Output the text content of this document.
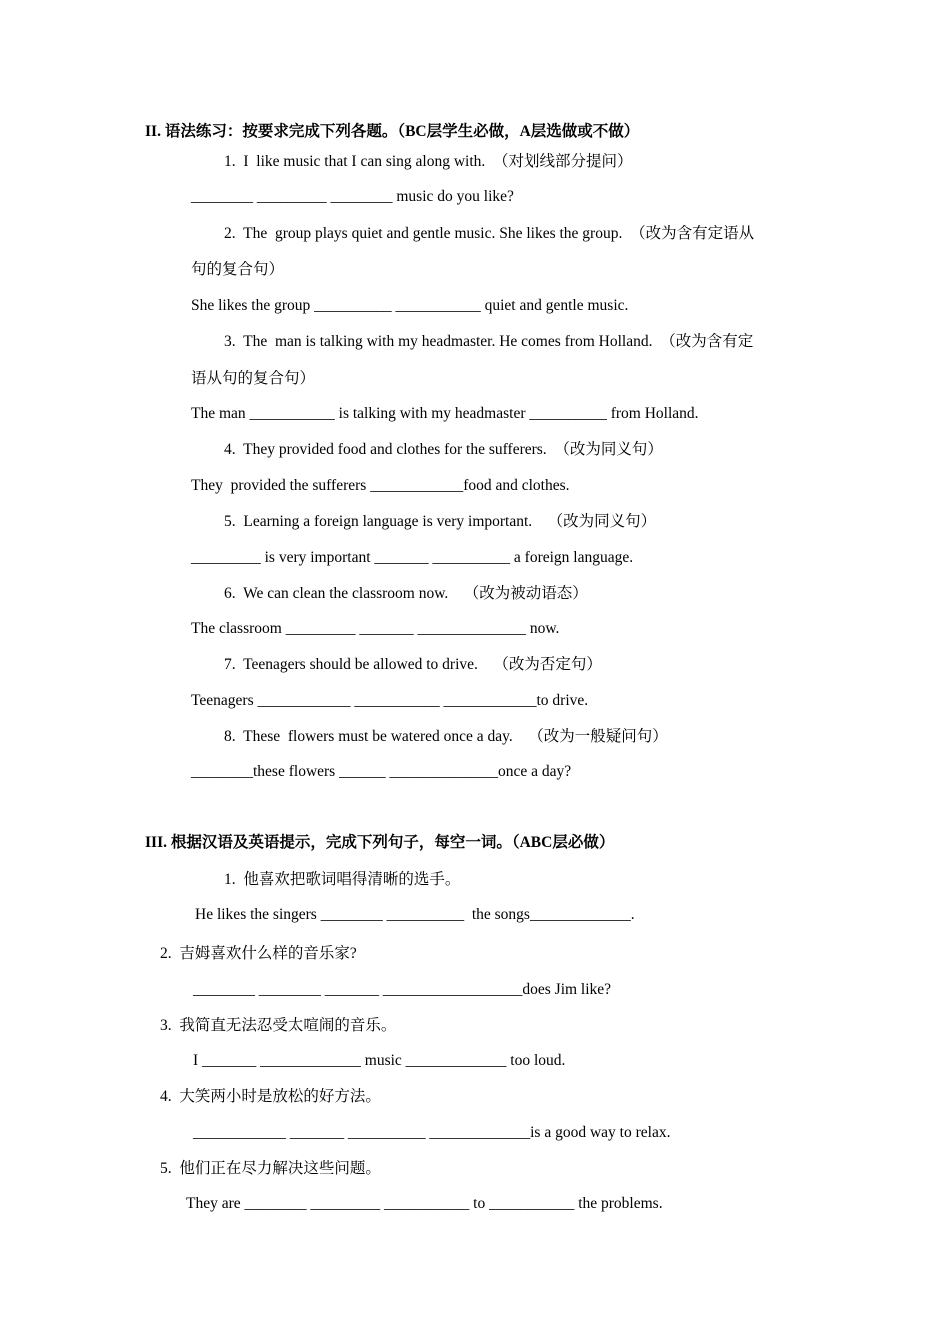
II. 语法练习：按要求完成下列各题。（BC层学生必做，A层选做或不做）
1.  I  like music that I can sing along with.  （对划线部分提问）
________ _________ ________ music do you like?
2.  The  group plays quiet and gentle music. She likes the group.  （改为含有定语从
句的复合句）
She likes the group __________ ___________ quiet and gentle music.
3.  The  man is talking with my headmaster. He comes from Holland.  （改为含有定
语从句的复合句）
The man ___________ is talking with my headmaster __________ from Holland.
4.  They provided food and clothes for the sufferers.  （改为同义句）
They  provided the sufferers ____________food and clothes.
5.  Learning a foreign language is very important.    （改为同义句）
_________ is very important _______ __________ a foreign language.
6.  We can clean the classroom now.    （改为被动语态）
The classroom _________ _______ ______________ now.
7.  Teenagers should be allowed to drive.    （改为否定句）
Teenagers ____________ ___________ ____________to drive.
8.  These  flowers must be watered once a day.    （改为一般疑问句）
________these flowers ______ ______________once a day?
III. 根据汉语及英语提示，完成下列句子，每空一词。（ABC层必做）
1.  他喜欢把歌词唱得清晰的选手。
He likes the singers ________ __________  the songs_____________.
2.  吉姆喜欢什么样的音乐家?
________ ________ _______ __________________does Jim like?
3.  我简直无法忍受太喧闹的音乐。
I _______ _____________ music _____________ too loud.
4.  大笑两小时是放松的好方法。
____________ _______ __________ _____________is a good way to relax.
5.  他们正在尽力解决这些问题。
They are ________ _________ ___________ to ___________ the problems.
